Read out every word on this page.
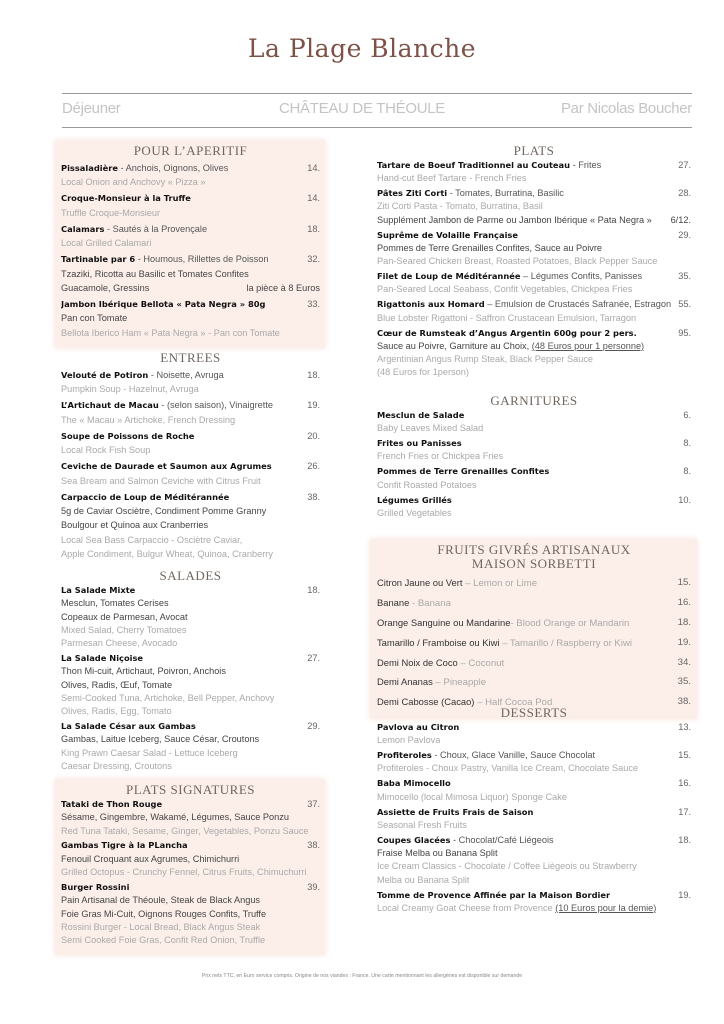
La Plage Blanche
Déjeuner	CHÂTEAU DE THÉOULE	Par Nicolas Boucher
POUR L’APERITIF
Pissaladière - Anchois, Oignons, Olives	14.
Local Onion and Anchovy « Pizza »
Croque-Monsieur à la Truffe	14.
Truffle Croque-Monsieur
Calamars - Sautés à la Provençale	18.
Local Grilled Calamari
Tartinable par 6 - Houmous, Rillettes de Poisson	32.
Tzaziki, Ricotta au Basilic et Tomates Confites
Guacamole, Gressins	la pièce à 8 Euros
Jambon Ibérique Bellota « Pata Negra » 80g	33.
Pan con Tomate
Bellota Iberico Ham « Pata Negra » - Pan con Tomate
ENTREES
Velouté de Potiron - Noisette, Avruga	18.
Pumpkin Soup - Hazelnut, Avruga
L’Artichaut de Macau - (selon saison), Vinaigrette	19.
The « Macau » Artichoke, French Dressing
Soupe de Poissons de Roche	20.
Local Rock Fish Soup
Ceviche de Daurade et Saumon aux Agrumes	26.
Sea Bream and Salmon Ceviche with Citrus Fruit
Carpaccio de Loup de Méditérannée	38.
5g de Caviar Osciètre, Condiment Pomme Granny
Boulgour et Quinoa aux Cranberries
Local Sea Bass Carpaccio - Osciètre Caviar,
Apple Condiment, Bulgur Wheat, Quinoa, Cranberry
SALADES
La Salade Mixte	18.
Mesclun, Tomates Cerises
Copeaux de Parmesan, Avocat
Mixed Salad, Cherry Tomatoes
Parmesan Cheese, Avocado
La Salade Niçoise	27.
Thon Mi-cuit, Artichaut, Poivron, Anchois
Olives, Radis, Œuf, Tomate
Semi-Cooked Tuna, Artichoke, Bell Pepper, Anchovy
Olives, Radis, Egg, Tomato
La Salade César aux Gambas	29.
Gambas, Laitue Iceberg, Sauce César, Croutons
King Prawn Caesar Salad - Lettuce Iceberg
Caesar Dressing, Croutons
PLATS SIGNATURES
Tataki de Thon Rouge	37.
Sésame, Gingembre, Wakamé, Légumes, Sauce Ponzu
Red Tuna Tataki, Sesame, Ginger, Vegetables, Ponzu Sauce
Gambas Tigre à la PLancha	38.
Fenouil Croquant aux Agrumes, Chimichurri
Grilled Octopus - Crunchy Fennel, Citrus Fruits, Chimuchurri
Burger Rossini	39.
Pain Artisanal de Théoule, Steak de Black Angus
Foie Gras Mi-Cuit, Oignons Rouges Confits, Truffe
Rossini Burger - Local Bread, Black Angus Steak
Semi Cooked Foie Gras, Confit Red Onion, Truffle
PLATS
Tartare de Boeuf Traditionnel au Couteau - Frites	27.
Hand-cut Beef Tartare - French Fries
Pâtes Ziti Corti - Tomates, Burratina, Basilic	28.
Ziti Corti Pasta - Tomato, Burratina, Basil
Supplément Jambon de Parme ou Jambon Ibérique « Pata Negra » 6/12.
Suprême de Volaille Française	29.
Pommes de Terre Grenailles Confites, Sauce au Poivre
Pan-Seared Chicken Breast, Roasted Potatoes, Black Pepper Sauce
Filet de Loup de Méditérannée – Légumes Confits, Panisses	35.
Pan-Seared Local Seabass, Confit Vegetables, Chickpea Fries
Rigattonis aux Homard – Emulsion de Crustacés Safranée, Estragon 55.
Blue Lobster Rigattoni - Saffron Crustacean Emulsion, Tarragon
Cœur de Rumsteak d’Angus Argentin 600g pour 2 pers.	95.
Sauce au Poivre, Garniture au Choix, (48 Euros pour 1 personne)
Argentinian Angus Rump Steak, Black Pepper Sauce
(48 Euros for 1person)
GARNITURES
Mesclun de Salade	6.
Baby Leaves Mixed Salad
Frites ou Panisses	8.
French Fries or Chickpea Fries
Pommes de Terre Grenailles Confites	8.
Confit Roasted Potatoes
Légumes Grillés	10.
Grilled Vegetables
FRUITS GIVRÉS ARTISANAUX
MAISON SORBETTI
Citron Jaune ou Vert – Lemon or Lime	15.
Banane - Banana	16.
Orange Sanguine ou Mandarine- Blood Orange or Mandarin	18.
Tamarillo / Framboise ou Kiwi – Tamarillo / Raspberry or Kiwi	19.
Demi Noix de Coco – Coconut	34.
Demi Ananas – Pineapple	35.
Demi Cabosse (Cacao) – Half Cocoa Pod	38.
DESSERTS
Pavlova au Citron	13.
Lemon Pavlova
Profiteroles - Choux, Glace Vanille, Sauce Chocolat	15.
Profiteroles - Choux Pastry, Vanilla Ice Cream, Chocolate Sauce
Baba Mimocello	16.
Mimocello (local Mimosa Liquor) Sponge Cake
Assiette de Fruits Frais de Saison	17.
Seasonal Fresh Fruits
Coupes Glacées - Chocolat/Café Liégeois	18.
Fraise Melba ou Banana Split
Ice Cream Classics - Chocolate / Coffee Liègeois ou Strawberry
Melba ou Banana Split
Tomme de Provence Affinée par la Maison Bordier	19.
Local Creamy Goat Cheese from Provence (10 Euros pour la demie)
Prix nets TTC, en Euro service compris. Origine de nos viandes : France. Une carte mentionnant les allergènes est disponible sur demande
